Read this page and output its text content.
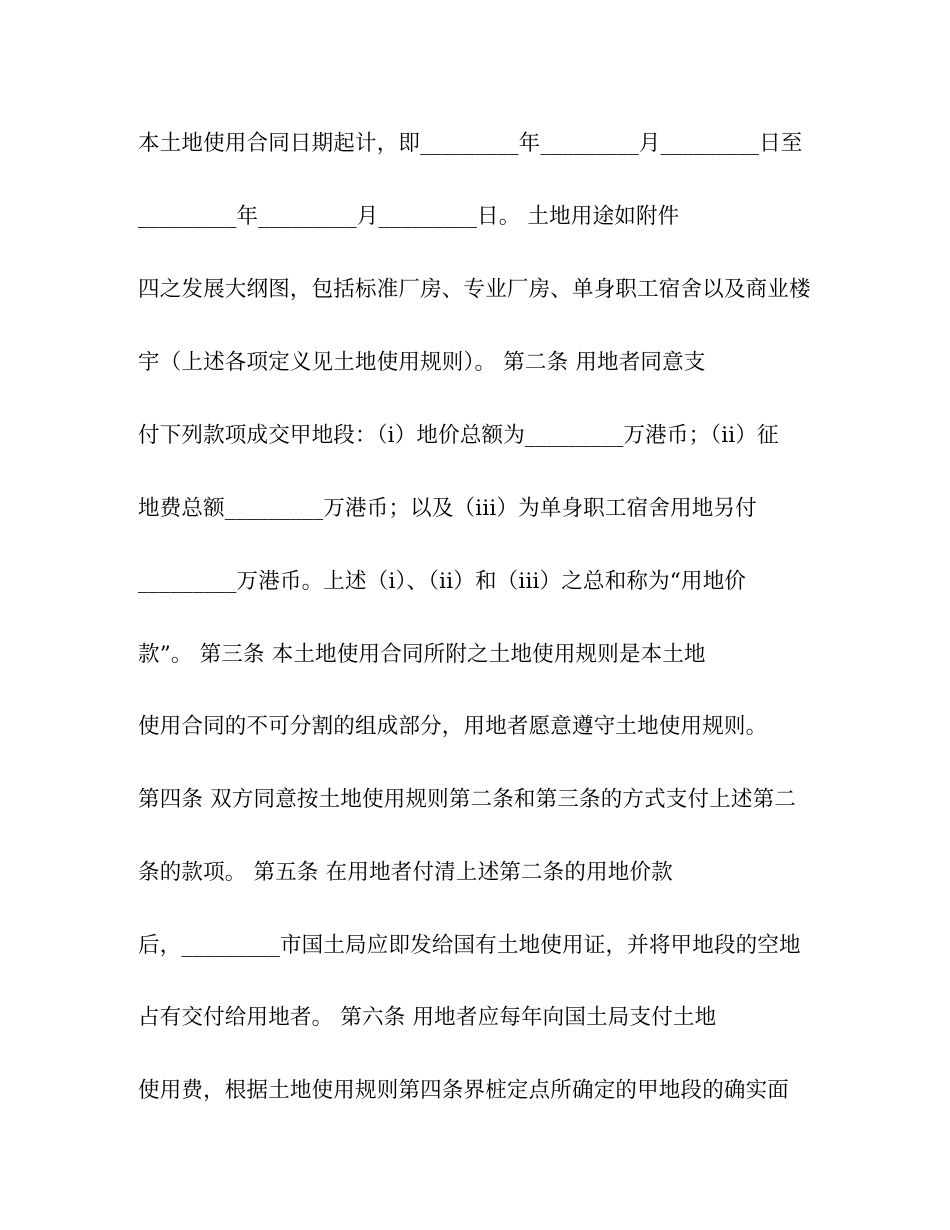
本土地使用合同日期起计，即_________年_________月_________日至
_________年_________月_________日。 土地用途如附件
四之发展大纲图，包括标准厂房、专业厂房、单身职工宿舍以及商业楼
宇（上述各项定义见土地使用规则）。 第二条 用地者同意支
付下列款项成交甲地段：（i）地价总额为_________万港币；（ii）征
地费总额_________万港币；以及（iii）为单身职工宿舍用地另付
_________万港币。上述（i）、（ii）和（iii）之总和称为“用地价
款”。 第三条 本土地使用合同所附之土地使用规则是本土地
使用合同的不可分割的组成部分，用地者愿意遵守土地使用规则。
第四条 双方同意按土地使用规则第二条和第三条的方式支付上述第二
条的款项。 第五条 在用地者付清上述第二条的用地价款
后，_________市国土局应即发给国有土地使用证，并将甲地段的空地
占有交付给用地者。 第六条 用地者应每年向国土局支付土地
使用费，根据土地使用规则第四条界桩定点所确定的甲地段的确实面
